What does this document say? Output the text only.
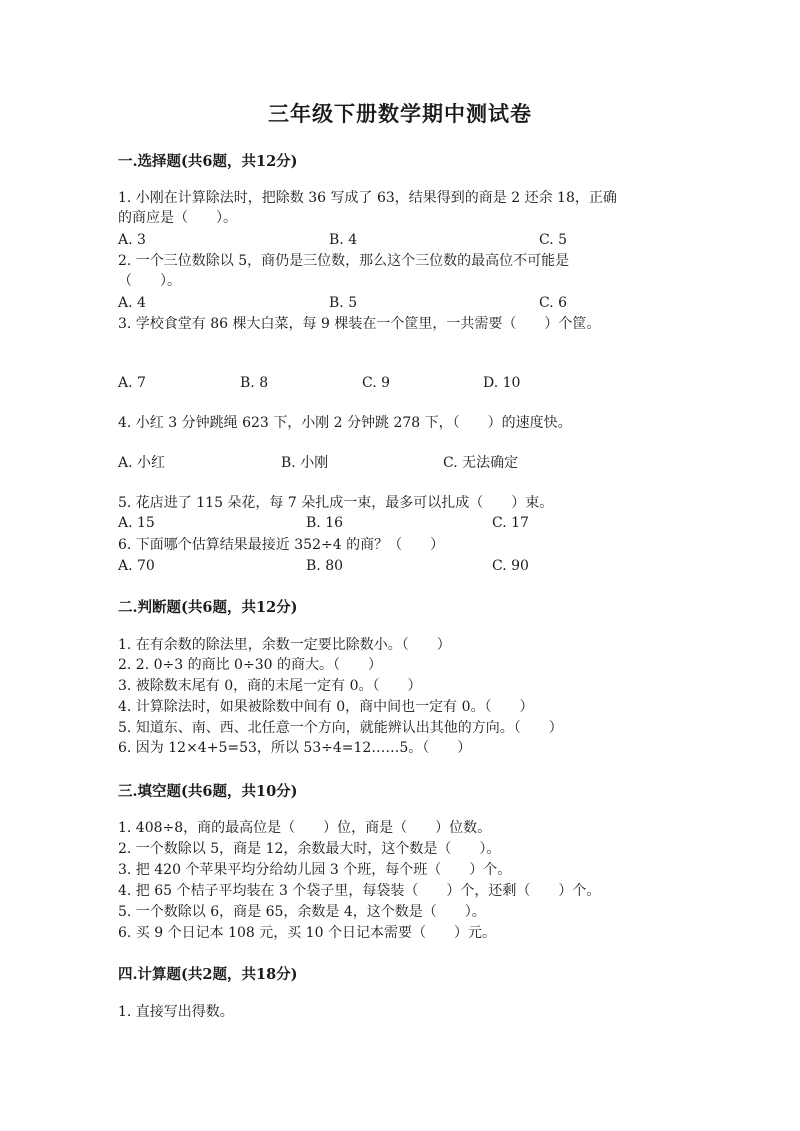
三年级下册数学期中测试卷
一.选择题(共6题，共12分)
1. 小刚在计算除法时，把除数 36 写成了 63，结果得到的商是 2 还余 18，正确
的商应是（　　）。
A. 3	B. 4	C. 5
2. 一个三位数除以 5，商仍是三位数，那么这个三位数的最高位不可能是
（　　）。
A. 4	B. 5	C. 6
3. 学校食堂有 86 棵大白菜，每 9 棵装在一个筐里，一共需要（　　）个筐。
A. 7	B. 8	C. 9	D. 10
4. 小红 3 分钟跳绳 623 下，小刚 2 分钟跳 278 下，（　　）的速度快。
A. 小红	B. 小刚	C. 无法确定
5. 花店进了 115 朵花，每 7 朵扎成一束，最多可以扎成（　　）束。
A. 15	B. 16	C. 17
6. 下面哪个估算结果最接近 352÷4 的商？（　　）
A. 70	B. 80	C. 90
二.判断题(共6题，共12分)
1. 在有余数的除法里，余数一定要比除数小。（　　）
2. 2. 0÷3 的商比 0÷30 的商大。（　　）
3. 被除数末尾有 0，商的末尾一定有 0。（　　）
4. 计算除法时，如果被除数中间有 0，商中间也一定有 0。（　　）
5. 知道东、南、西、北任意一个方向，就能辨认出其他的方向。（　　）
6. 因为 12×4+5=53，所以 53÷4=12……5。（　　）
三.填空题(共6题，共10分)
1. 408÷8，商的最高位是（　　）位，商是（　　）位数。
2. 一个数除以 5，商是 12，余数最大时，这个数是（　　）。
3. 把 420 个苹果平均分给幼儿园 3 个班，每个班（　　）个。
4. 把 65 个桔子平均装在 3 个袋子里，每袋装（　　）个，还剩（　　）个。
5. 一个数除以 6，商是 65，余数是 4，这个数是（　　）。
6. 买 9 个日记本 108 元，买 10 个日记本需要（　　）元。
四.计算题(共2题，共18分)
1. 直接写出得数。
